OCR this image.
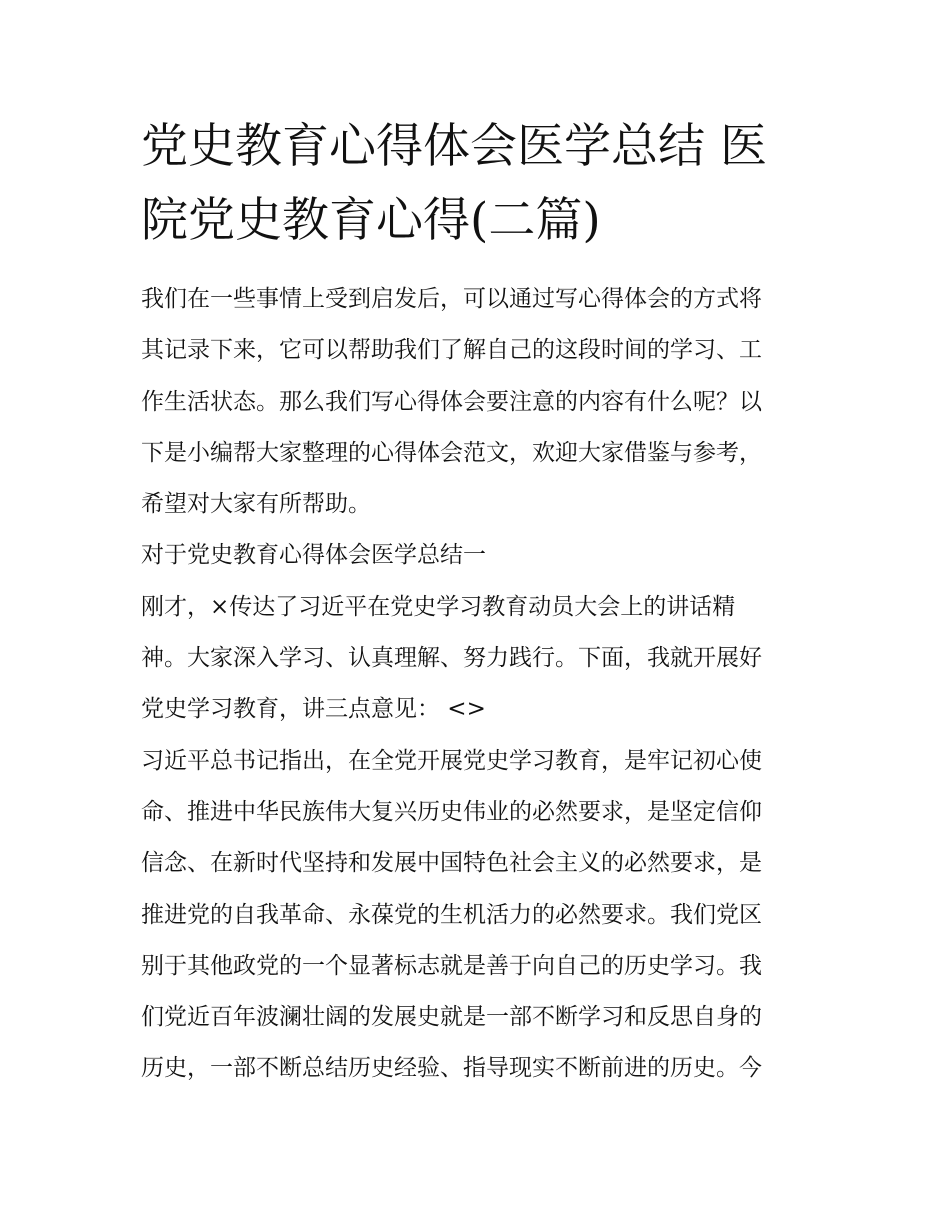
党史教育心得体会医学总结 医
院党史教育心得(二篇)

我们在一些事情上受到启发后，可以通过写心得体会的方式将
其记录下来，它可以帮助我们了解自己的这段时间的学习、工
作生活状态。那么我们写心得体会要注意的内容有什么呢？以
下是小编帮大家整理的心得体会范文，欢迎大家借鉴与参考，
希望对大家有所帮助。

对于党史教育心得体会医学总结一

刚才，×传达了习近平在党史学习教育动员大会上的讲话精
神。大家深入学习、认真理解、努力践行。下面，我就开展好
党史学习教育，讲三点意见： <>

习近平总书记指出，在全党开展党史学习教育，是牢记初心使
命、推进中华民族伟大复兴历史伟业的必然要求，是坚定信仰
信念、在新时代坚持和发展中国特色社会主义的必然要求，是
推进党的自我革命、永葆党的生机活力的必然要求。我们党区
别于其他政党的一个显著标志就是善于向自己的历史学习。我
们党近百年波澜壮阔的发展史就是一部不断学习和反思自身的
历史，一部不断总结历史经验、指导现实不断前进的历史。今
